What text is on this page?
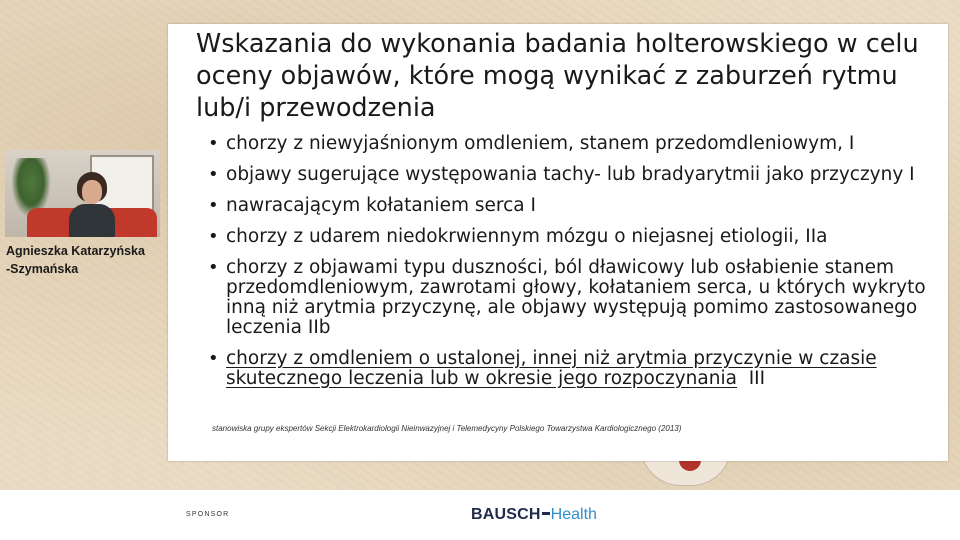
Wskazania do wykonania badania holterowskiego w celu oceny objawów, które mogą wynikać z zaburzeń rytmu lub/i przewodzenia
• chorzy z niewyjaśnionym omdleniem, stanem przedomdleniowym, I
• objawy sugerujące występowania tachy- lub bradyarytmii jako przyczyny I
• nawracającym kołataniem serca I
• chorzy z udarem niedokrwiennym mózgu o niejasnej etiologii, IIa
• chorzy z objawami typu duszności, ból dławicowy lub osłabienie stanem przedomdleniowym, zawrotami głowy, kołataniem serca, u których wykryto inną niż arytmia przyczynę, ale objawy występują pomimo zastosowanego leczenia IIb
• chorzy z omdleniem o ustalonej, innej niż arytmia przyczynie w czasie skutecznego leczenia lub w okresie jego rozpoczynania  III
stanowiska grupy ekspertów Sekcji Elektrokardiologii Nieinwazyjnej i Telemedycyny Polskiego Towarzystwa Kardiologicznego (2013)
Agnieszka Katarzyńska
-Szymańska
SPONSOR	BAUSCH Health
